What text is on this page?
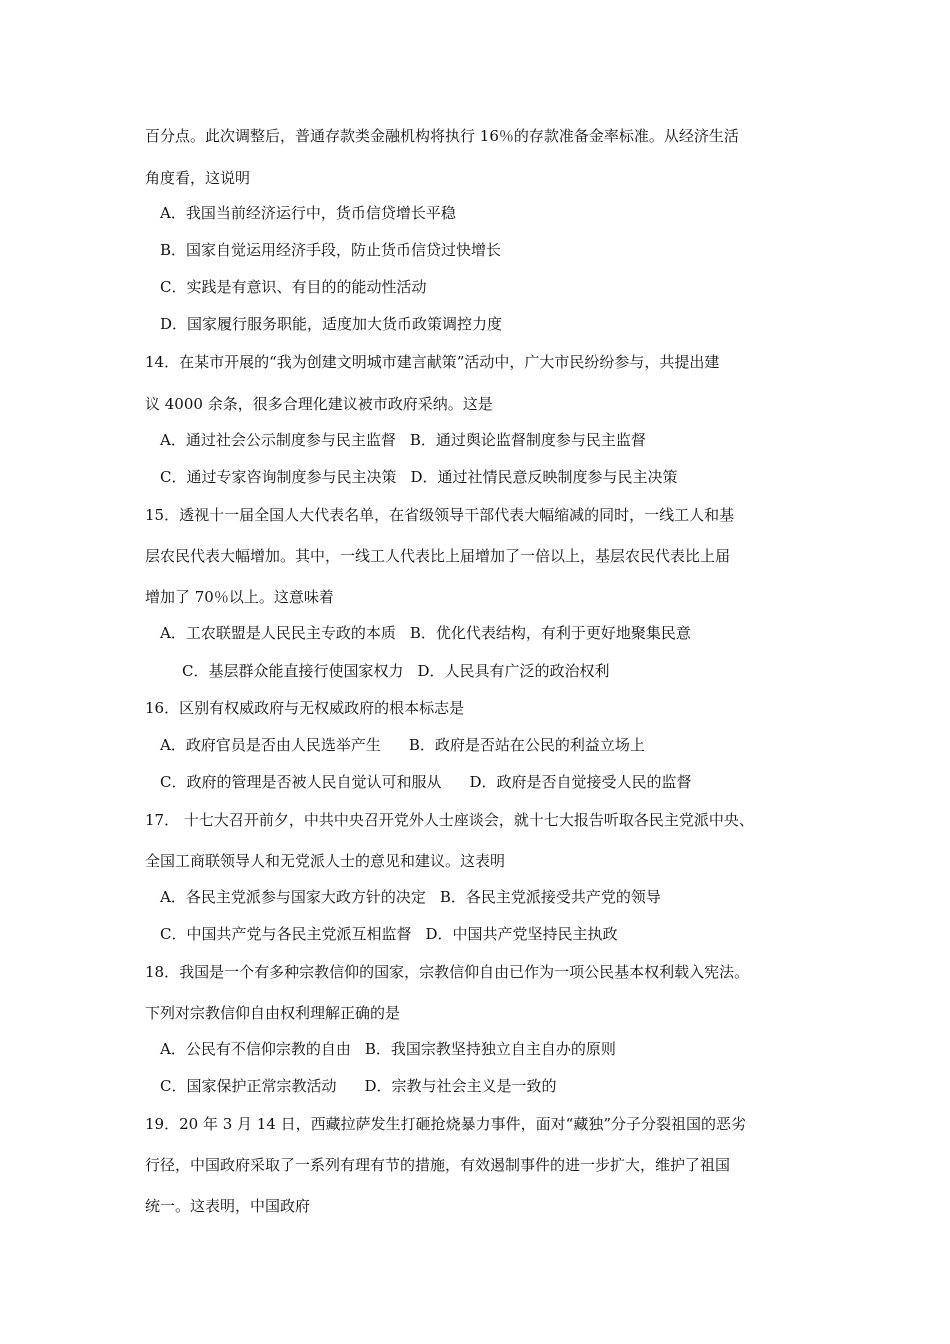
百分点。此次调整后，普通存款类金融机构将执行 16％的存款准备金率标准。从经济生活
角度看，这说明
A．我国当前经济运行中，货币信贷增长平稳
B．国家自觉运用经济手段，防止货币信贷过快增长
C．实践是有意识、有目的的能动性活动
D．国家履行服务职能，适度加大货币政策调控力度
14．在某市开展的“我为创建文明城市建言献策”活动中，广大市民纷纷参与，共提出建
议 4000 余条，很多合理化建议被市政府采纳。这是
A．通过社会公示制度参与民主监督 B．通过舆论监督制度参与民主监督
C．通过专家咨询制度参与民主决策 D．通过社情民意反映制度参与民主决策
15．透视十一届全国人大代表名单，在省级领导干部代表大幅缩减的同时，一线工人和基
层农民代表大幅增加。其中，一线工人代表比上届增加了一倍以上，基层农民代表比上届
增加了 70％以上。这意味着
A．工农联盟是人民民主专政的本质 B．优化代表结构，有利于更好地聚集民意
C．基层群众能直接行使国家权力 D．人民具有广泛的政治权利
16．区别有权威政府与无权威政府的根本标志是
A．政府官员是否由人民选举产生 B．政府是否站在公民的利益立场上
C．政府的管理是否被人民自觉认可和服从 D．政府是否自觉接受人民的监督
17． 十七大召开前夕，中共中央召开党外人士座谈会，就十七大报告听取各民主党派中央、
全国工商联领导人和无党派人士的意见和建议。这表明
A．各民主党派参与国家大政方针的决定 B．各民主党派接受共产党的领导
C．中国共产党与各民主党派互相监督 D．中国共产党坚持民主执政
18．我国是一个有多种宗教信仰的国家，宗教信仰自由已作为一项公民基本权利载入宪法。
下列对宗教信仰自由权利理解正确的是
A．公民有不信仰宗教的自由 B．我国宗教坚持独立自主自办的原则
C．国家保护正常宗教活动 D．宗教与社会主义是一致的
19．20 年 3 月 14 日，西藏拉萨发生打砸抢烧暴力事件，面对“藏独”分子分裂祖国的恶劣
行径，中国政府采取了一系列有理有节的措施，有效遏制事件的进一步扩大，维护了祖国
统一。这表明，中国政府
